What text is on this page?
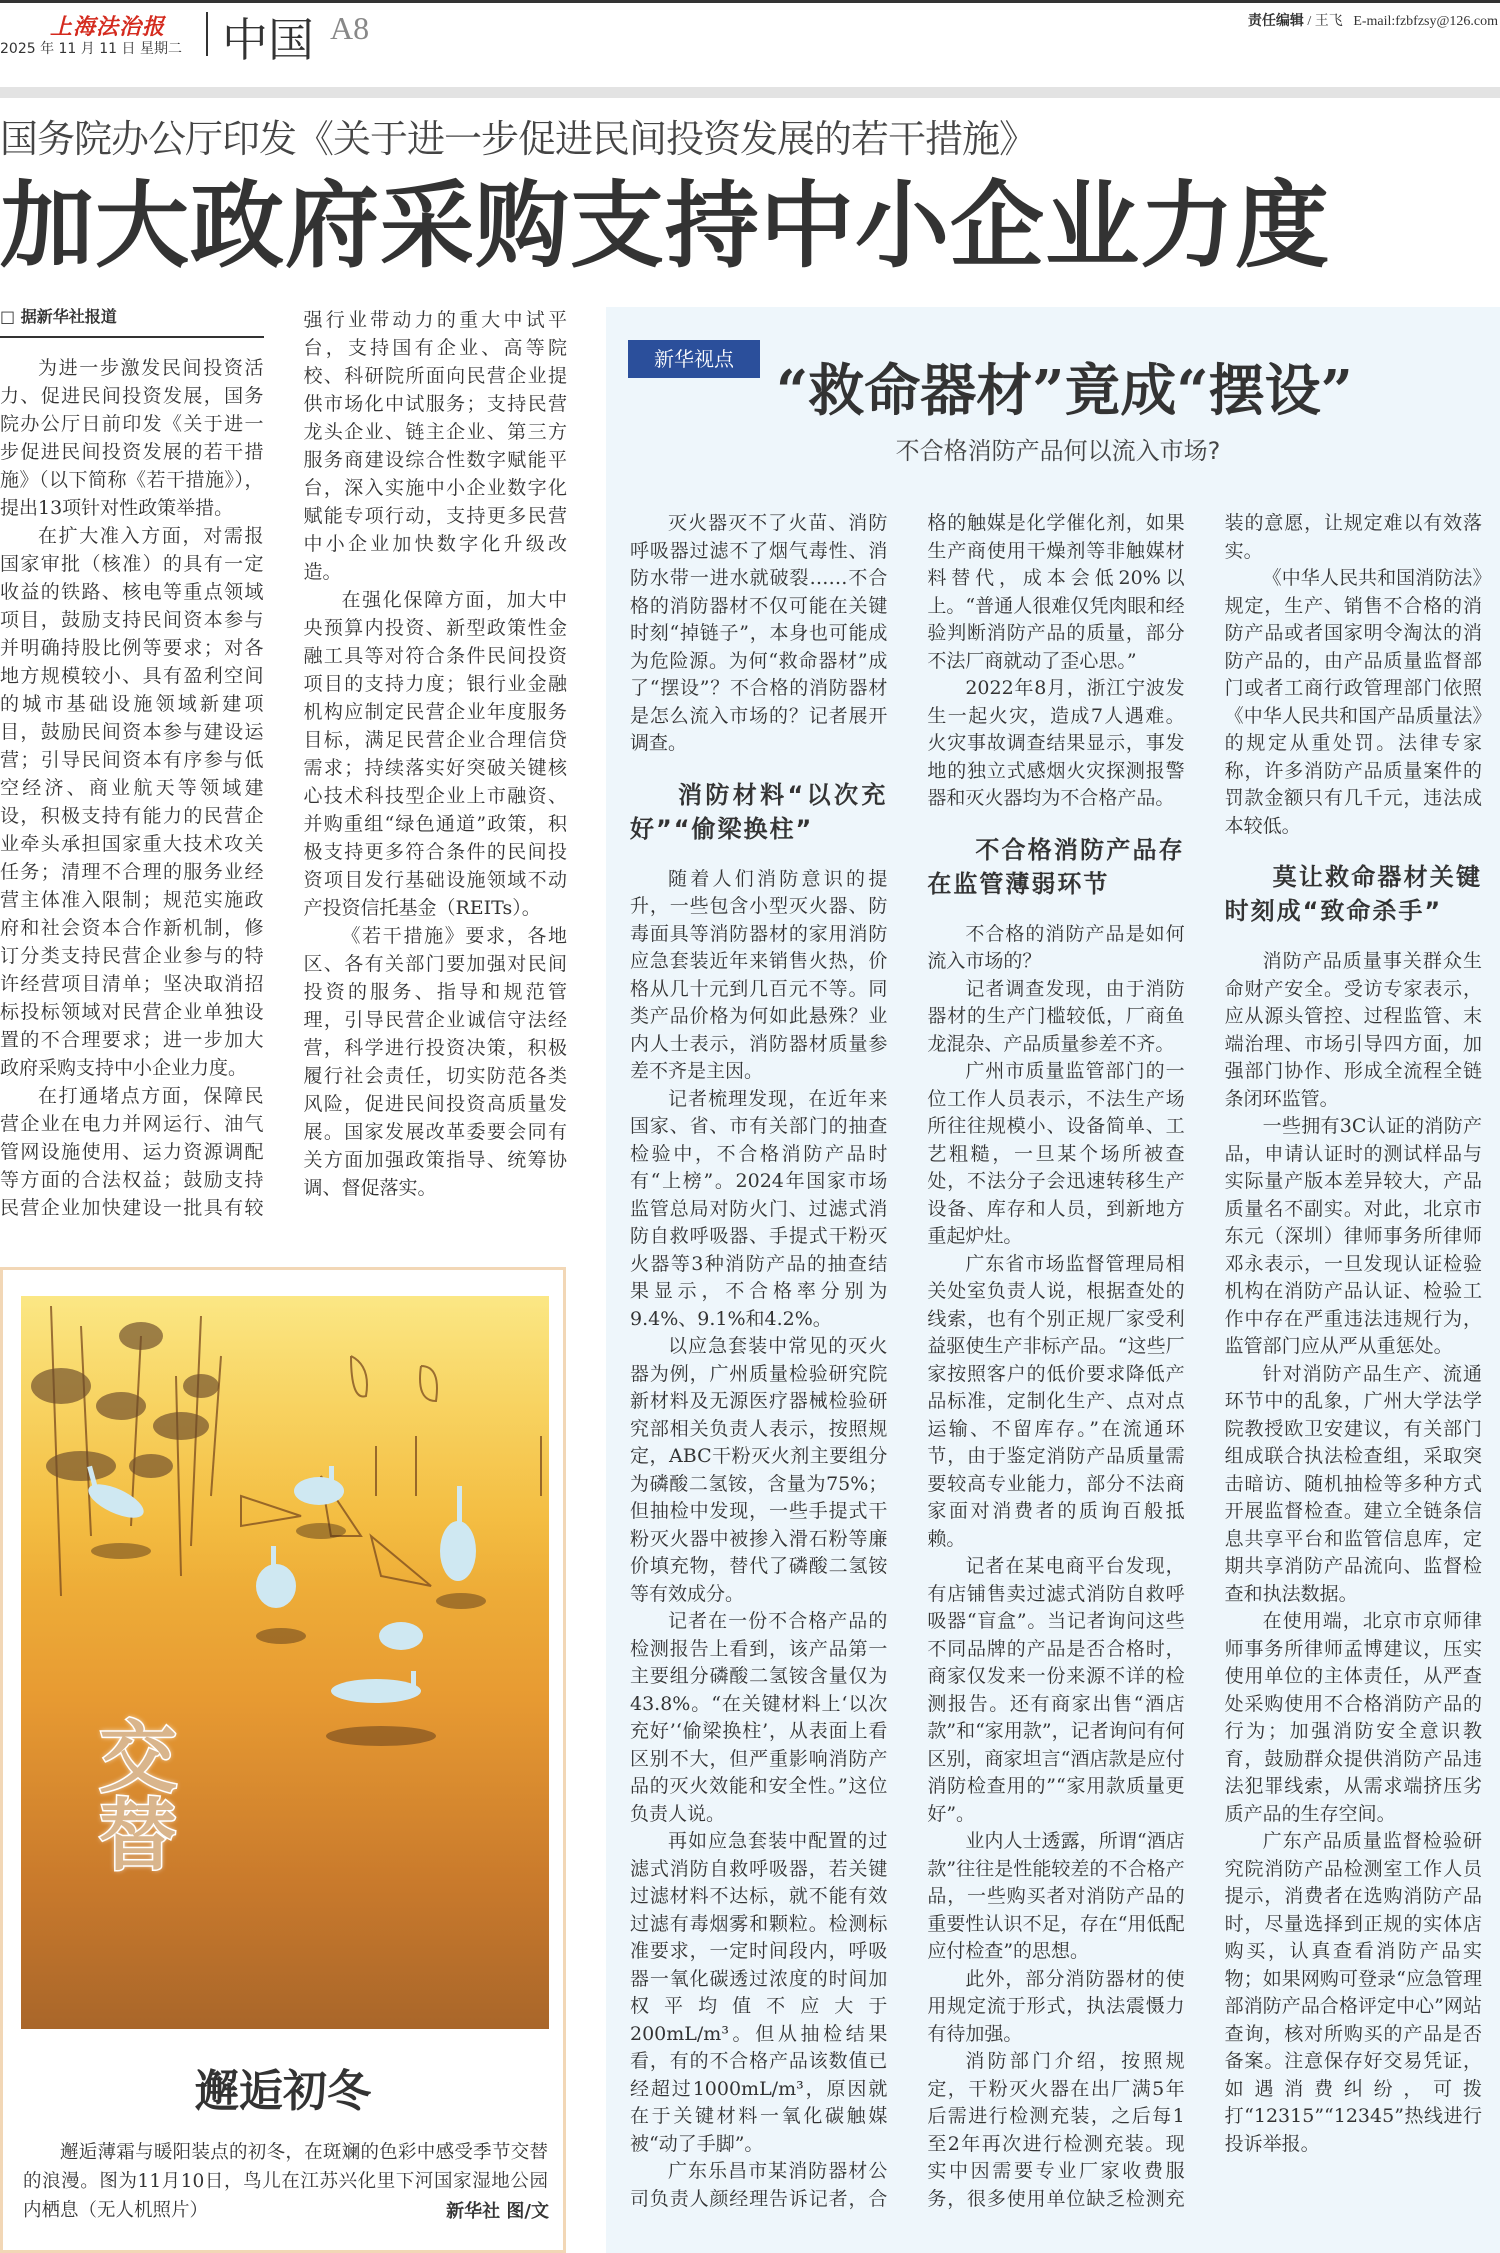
上海法治报
2025 年 11 月 11 日 星期二 中国 A8	责任编辑 / 王飞 E-mail:fzbfzsy@126.com
国务院办公厅印发《关于进一步促进民间投资发展的若干措施》
加大政府采购支持中小企业力度
□ 据新华社报道

为进一步激发民间投资活力、促进民间投资发展，国务院办公厅日前印发《关于进一步促进民间投资发展的若干措施》（以下简称《若干措施》），提出13项针对性政策举措。

在扩大准入方面，对需报国家审批（核准）的具有一定收益的铁路、核电等重点领域项目，鼓励支持民间资本参与并明确持股比例等要求；对各地方规模较小、具有盈利空间的城市基础设施领域新建项目，鼓励民间资本参与建设运营；引导民间资本有序参与低空经济、商业航天等领域建设，积极支持有能力的民营企业牵头承担国家重大技术攻关任务；清理不合理的服务业经营主体准入限制；规范实施政府和社会资本合作新机制，修订分类支持民营企业参与的特许经营项目清单；坚决取消招标投标领域对民营企业单独设置的不合理要求；进一步加大政府采购支持中小企业力度。

在打通堵点方面，保障民营企业在电力并网运行、油气管网设施使用、运力资源调配等方面的合法权益；鼓励支持民营企业加快建设一批具有较强行业带动力的重大中试平台，支持国有企业、高等院校、科研院所面向民营企业提供市场化中试服务；支持民营龙头企业、链主企业、第三方服务商建设综合性数字赋能平台，深入实施中小企业数字化赋能专项行动，支持更多民营中小企业加快数字化升级改造。

在强化保障方面，加大中央预算内投资、新型政策性金融工具等对符合条件民间投资项目的支持力度；银行业金融机构应制定民营企业年度服务目标，满足民营企业合理信贷需求；持续落实好突破关键核心技术科技型企业上市融资、并购重组“绿色通道”政策，积极支持更多符合条件的民间投资项目发行基础设施领域不动产投资信托基金（REITs）。

《若干措施》要求，各地区、各有关部门要加强对民间投资的服务、指导和规范管理，引导民营企业诚信守法经营，科学进行投资决策，积极履行社会责任，切实防范各类风险，促进民间投资高质量发展。国家发展改革委要会同有关方面加强政策指导、统筹协调、督促落实。

交替
邂逅初冬
邂逅薄霜与暖阳装点的初冬，在斑斓的色彩中感受季节交替的浪漫。图为11月10日，鸟儿在江苏兴化里下河国家湿地公园内栖息（无人机照片）	新华社 图/文
新华视点 “救命器材”竟成“摆设”
不合格消防产品何以流入市场?

灭火器灭不了火苗、消防呼吸器过滤不了烟气毒性、消防水带一进水就破裂……不合格的消防器材不仅可能在关键时刻“掉链子”，本身也可能成为危险源。为何“救命器材”成了“摆设”？不合格的消防器材是怎么流入市场的？记者展开调查。

消防材料“以次充好”“偷梁换柱”

随着人们消防意识的提升，一些包含小型灭火器、防毒面具等消防器材的家用消防应急套装近年来销售火热，价格从几十元到几百元不等。同类产品价格为何如此悬殊？业内人士表示，消防器材质量参差不齐是主因。

记者梳理发现，在近年来国家、省、市有关部门的抽查检验中，不合格消防产品时有“上榜”。2024年国家市场监管总局对防火门、过滤式消防自救呼吸器、手提式干粉灭火器等3种消防产品的抽查结果显示，不合格率分别为9.4%、9.1%和4.2%。

以应急套装中常见的灭火器为例，广州质量检验研究院新材料及无源医疗器械检验研究部相关负责人表示，按照规定，ABC干粉灭火剂主要组分为磷酸二氢铵，含量为75%；但抽检中发现，一些手提式干粉灭火器中被掺入滑石粉等廉价填充物，替代了磷酸二氢铵等有效成分。

记者在一份不合格产品的检测报告上看到，该产品第一主要组分磷酸二氢铵含量仅为43.8%。“在关键材料上‘以次充好’‘偷梁换柱’，从表面上看区别不大，但严重影响消防产品的灭火效能和安全性。”这位负责人说。

再如应急套装中配置的过滤式消防自救呼吸器，若关键过滤材料不达标，就不能有效过滤有毒烟雾和颗粒。检测标准要求，一定时间段内，呼吸器一氧化碳透过浓度的时间加权平均值不应大于200mL/m³。但从抽检结果看，有的不合格产品该数值已经超过1000mL/m³，原因就在于关键材料一氧化碳触媒被“动了手脚”。

广东乐昌市某消防器材公司负责人颜经理告诉记者，合格的触媒是化学催化剂，如果生产商使用干燥剂等非触媒材料替代，成本会低20%以上。“普通人很难仅凭肉眼和经验判断消防产品的质量，部分不法厂商就动了歪心思。”

2022年8月，浙江宁波发生一起火灾，造成7人遇难。火灾事故调查结果显示，事发地的独立式感烟火灾探测报警器和灭火器均为不合格产品。

不合格消防产品存在监管薄弱环节

不合格的消防产品是如何流入市场的？

记者调查发现，由于消防器材的生产门槛较低，厂商鱼龙混杂、产品质量参差不齐。

广州市质量监管部门的一位工作人员表示，不法生产场所往往规模小、设备简单、工艺粗糙，一旦某个场所被查处，不法分子会迅速转移生产设备、库存和人员，到新地方重起炉灶。

广东省市场监督管理局相关处室负责人说，根据查处的线索，也有个别正规厂家受利益驱使生产非标产品。“这些厂家按照客户的低价要求降低产品标准，定制化生产、点对点运输、不留库存。”在流通环节，由于鉴定消防产品质量需要较高专业能力，部分不法商家面对消费者的质询百般抵赖。

记者在某电商平台发现，有店铺售卖过滤式消防自救呼吸器“盲盒”。当记者询问这些不同品牌的产品是否合格时，商家仅发来一份来源不详的检测报告。还有商家出售“酒店款”和“家用款”，记者询问有何区别，商家坦言“酒店款是应付消防检查用的”“家用款质量更好”。

业内人士透露，所谓“酒店款”往往是性能较差的不合格产品，一些购买者对消防产品的重要性认识不足，存在“用低配应付检查”的思想。

此外，部分消防器材的使用规定流于形式，执法震慑力有待加强。

消防部门介绍，按照规定，干粉灭火器在出厂满5年后需进行检测充装，之后每1至2年再次进行检测充装。现实中因需要专业厂家收费服务，很多使用单位缺乏检测充装的意愿，让规定难以有效落实。

《中华人民共和国消防法》规定，生产、销售不合格的消防产品或者国家明令淘汰的消防产品的，由产品质量监督部门或者工商行政管理部门依照《中华人民共和国产品质量法》的规定从重处罚。法律专家称，许多消防产品质量案件的罚款金额只有几千元，违法成本较低。

莫让救命器材关键时刻成“致命杀手”

消防产品质量事关群众生命财产安全。受访专家表示，应从源头管控、过程监管、末端治理、市场引导四方面，加强部门协作、形成全流程全链条闭环监管。

一些拥有3C认证的消防产品，申请认证时的测试样品与实际量产版本差异较大，产品质量名不副实。对此，北京市东元（深圳）律师事务所律师邓永表示，一旦发现认证检验机构在消防产品认证、检验工作中存在严重违法违规行为，监管部门应从严从重惩处。

针对消防产品生产、流通环节中的乱象，广州大学法学院教授欧卫安建议，有关部门组成联合执法检查组，采取突击暗访、随机抽检等多种方式开展监督检查。建立全链条信息共享平台和监管信息库，定期共享消防产品流向、监督检查和执法数据。

在使用端，北京市京师律师事务所律师孟博建议，压实使用单位的主体责任，从严查处采购使用不合格消防产品的行为；加强消防安全意识教育，鼓励群众提供消防产品违法犯罪线索，从需求端挤压劣质产品的生存空间。

广东产品质量监督检验研究院消防产品检测室工作人员提示，消费者在选购消防产品时，尽量选择到正规的实体店购买，认真查看消防产品实物；如果网购可登录“应急管理部消防产品合格评定中心”网站查询，核对所购买的产品是否备案。注意保存好交易凭证，如遇消费纠纷，可拨打“12315”“12345”热线进行投诉举报。
